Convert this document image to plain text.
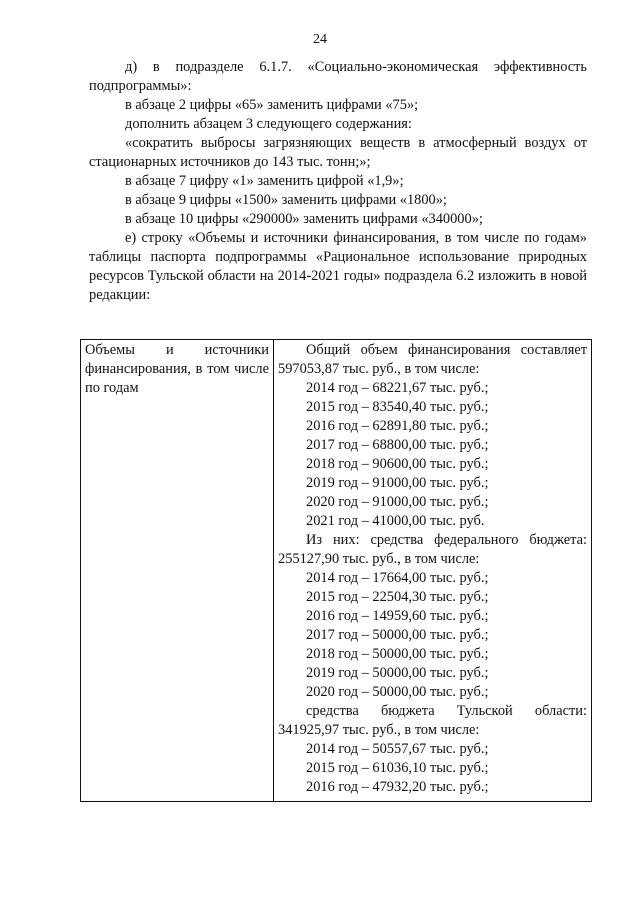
24

д) в подразделе 6.1.7. «Социально-экономическая эффективность подпрограммы»:

в абзаце 2 цифры «65» заменить цифрами «75»;

дополнить абзацем 3 следующего содержания:

«сократить выбросы загрязняющих веществ в атмосферный воздух от стационарных источников до 143 тыс. тонн;»;

в абзаце 7 цифру «1» заменить цифрой «1,9»;

в абзаце 9 цифры «1500» заменить цифрами «1800»;

в абзаце 10 цифры «290000» заменить цифрами «340000»;

е) строку «Объемы и источники финансирования, в том числе по годам» таблицы паспорта подпрограммы «Рациональное использование природных ресурсов Тульской области на 2014-2021 годы» подраздела 6.2 изложить в новой редакции:

Объемы и источники финансирования, в том числе по годам

Общий объем финансирования составляет
597053,87 тыс. руб., в том числе:
2014 год – 68221,67 тыс. руб.;
2015 год – 83540,40 тыс. руб.;
2016 год – 62891,80 тыс. руб.;
2017 год – 68800,00 тыс. руб.;
2018 год – 90600,00 тыс. руб.;
2019 год – 91000,00 тыс. руб.;
2020 год – 91000,00 тыс. руб.;
2021 год – 41000,00 тыс. руб.
Из них: средства федерального бюджета:
255127,90 тыс. руб., в том числе:
2014 год – 17664,00 тыс. руб.;
2015 год – 22504,30 тыс. руб.;
2016 год – 14959,60 тыс. руб.;
2017 год – 50000,00 тыс. руб.;
2018 год – 50000,00 тыс. руб.;
2019 год – 50000,00 тыс. руб.;
2020 год – 50000,00 тыс. руб.;
средства бюджета Тульской области:
341925,97 тыс. руб., в том числе:
2014 год – 50557,67 тыс. руб.;
2015 год – 61036,10 тыс. руб.;
2016 год – 47932,20 тыс. руб.;
